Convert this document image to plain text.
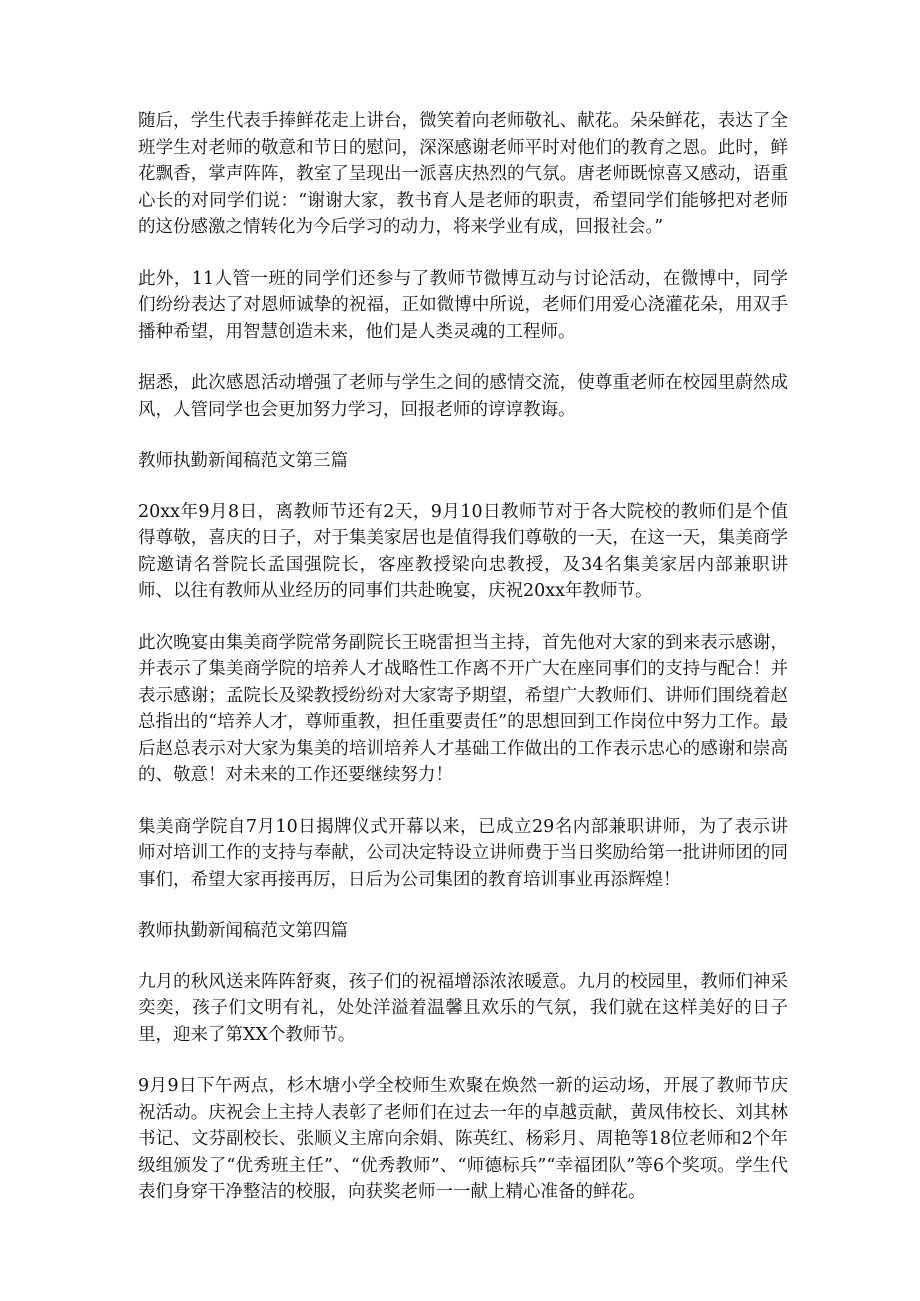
随后，学生代表手捧鲜花走上讲台，微笑着向老师敬礼、献花。朵朵鲜花，表达了全班学生对老师的敬意和节日的慰问，深深感谢老师平时对他们的教育之恩。此时，鲜花飘香，掌声阵阵，教室了呈现出一派喜庆热烈的气氛。唐老师既惊喜又感动，语重心长的对同学们说：“谢谢大家，教书育人是老师的职责，希望同学们能够把对老师的这份感激之情转化为今后学习的动力，将来学业有成，回报社会。”

此外，11人管一班的同学们还参与了教师节微博互动与讨论活动，在微博中，同学们纷纷表达了对恩师诚挚的祝福，正如微博中所说，老师们用爱心浇灌花朵，用双手播种希望，用智慧创造未来，他们是人类灵魂的工程师。

据悉，此次感恩活动增强了老师与学生之间的感情交流，使尊重老师在校园里蔚然成风，人管同学也会更加努力学习，回报老师的谆谆教诲。

教师执勤新闻稿范文第三篇

20xx年9月8日，离教师节还有2天，9月10日教师节对于各大院校的教师们是个值得尊敬，喜庆的日子，对于集美家居也是值得我们尊敬的一天，在这一天，集美商学院邀请名誉院长孟国强院长，客座教授梁向忠教授，及34名集美家居内部兼职讲师、以往有教师从业经历的同事们共赴晚宴，庆祝20xx年教师节。

此次晚宴由集美商学院常务副院长王晓雷担当主持，首先他对大家的到来表示感谢，并表示了集美商学院的培养人才战略性工作离不开广大在座同事们的支持与配合！并表示感谢；孟院长及梁教授纷纷对大家寄予期望，希望广大教师们、讲师们围绕着赵总指出的“培养人才，尊师重教，担任重要责任”的思想回到工作岗位中努力工作。最后赵总表示对大家为集美的培训培养人才基础工作做出的工作表示忠心的感谢和崇高的、敬意！对未来的工作还要继续努力！

集美商学院自7月10日揭牌仪式开幕以来，已成立29名内部兼职讲师，为了表示讲师对培训工作的支持与奉献，公司决定特设立讲师费于当日奖励给第一批讲师团的同事们，希望大家再接再厉，日后为公司集团的教育培训事业再添辉煌！

教师执勤新闻稿范文第四篇

九月的秋风送来阵阵舒爽，孩子们的祝福增添浓浓暖意。九月的校园里，教师们神采奕奕，孩子们文明有礼，处处洋溢着温馨且欢乐的气氛，我们就在这样美好的日子里，迎来了第XX个教师节。

9月9日下午两点，杉木塘小学全校师生欢聚在焕然一新的运动场，开展了教师节庆祝活动。庆祝会上主持人表彰了老师们在过去一年的卓越贡献，黄凤伟校长、刘其林书记、文芬副校长、张顺义主席向余娟、陈英红、杨彩月、周艳等18位老师和2个年级组颁发了“优秀班主任”、“优秀教师”、“师德标兵”“幸福团队”等6个奖项。学生代表们身穿干净整洁的校服，向获奖老师一一献上精心准备的鲜花。
